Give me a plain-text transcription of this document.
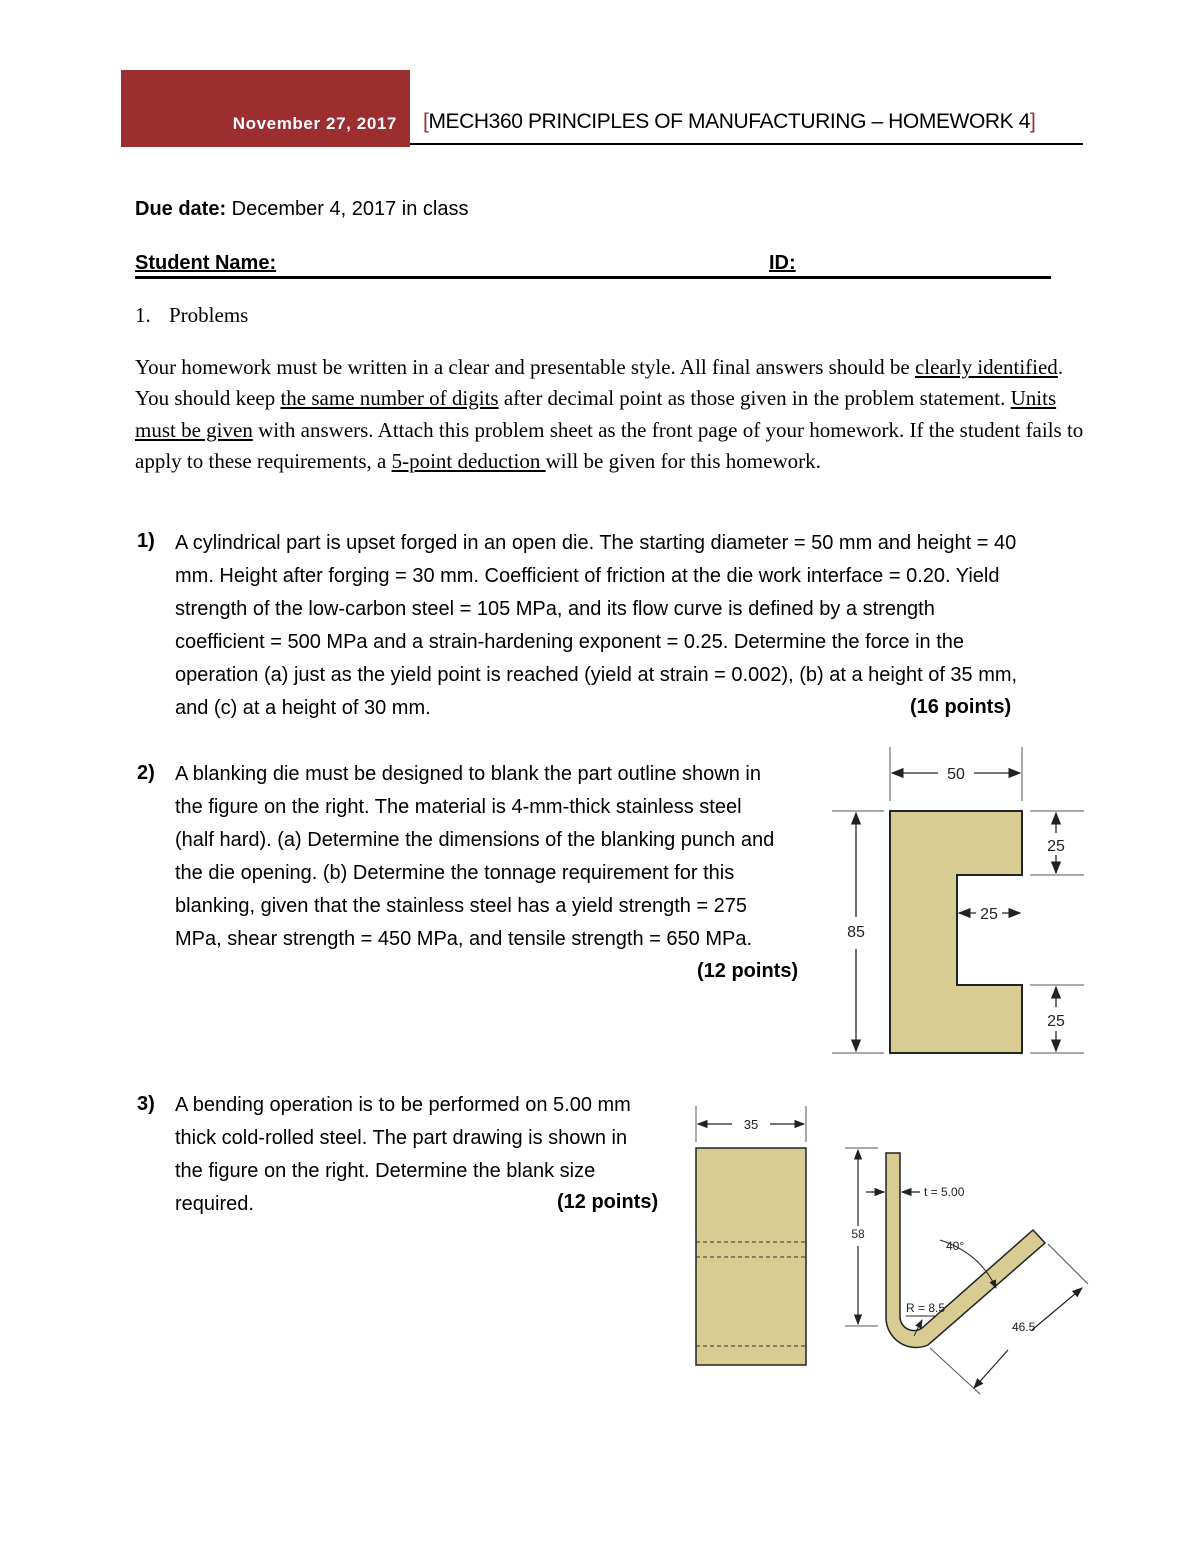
November 27, 2017 [MECH360 PRINCIPLES OF MANUFACTURING – HOMEWORK 4]
Due date: December 4, 2017 in class
Student Name:	ID:
1. Problems
Your homework must be written in a clear and presentable style. All final answers should be clearly identified. You should keep the same number of digits after decimal point as those given in the problem statement. Units must be given with answers. Attach this problem sheet as the front page of your homework. If the student fails to apply to these requirements, a 5-point deduction will be given for this homework.
1) A cylindrical part is upset forged in an open die. The starting diameter = 50 mm and height = 40
mm. Height after forging = 30 mm. Coefficient of friction at the die work interface = 0.20. Yield
strength of the low-carbon steel = 105 MPa, and its flow curve is defined by a strength
coefficient = 500 MPa and a strain-hardening exponent = 0.25. Determine the force in the
operation (a) just as the yield point is reached (yield at strain = 0.002), (b) at a height of 35 mm,
and (c) at a height of 30 mm.	(16 points)
2) A blanking die must be designed to blank the part outline shown in
the figure on the right. The material is 4-mm-thick stainless steel
(half hard). (a) Determine the dimensions of the blanking punch and
the die opening. (b) Determine the tonnage requirement for this
blanking, given that the stainless steel has a yield strength = 275
MPa, shear strength = 450 MPa, and tensile strength = 650 MPa.
(12 points)
50
85
25
25
25
3) A bending operation is to be performed on 5.00 mm
thick cold-rolled steel. The part drawing is shown in
the figure on the right. Determine the blank size
required.	(12 points)
35
58
t = 5.00
40°
R = 8.5
46.5
